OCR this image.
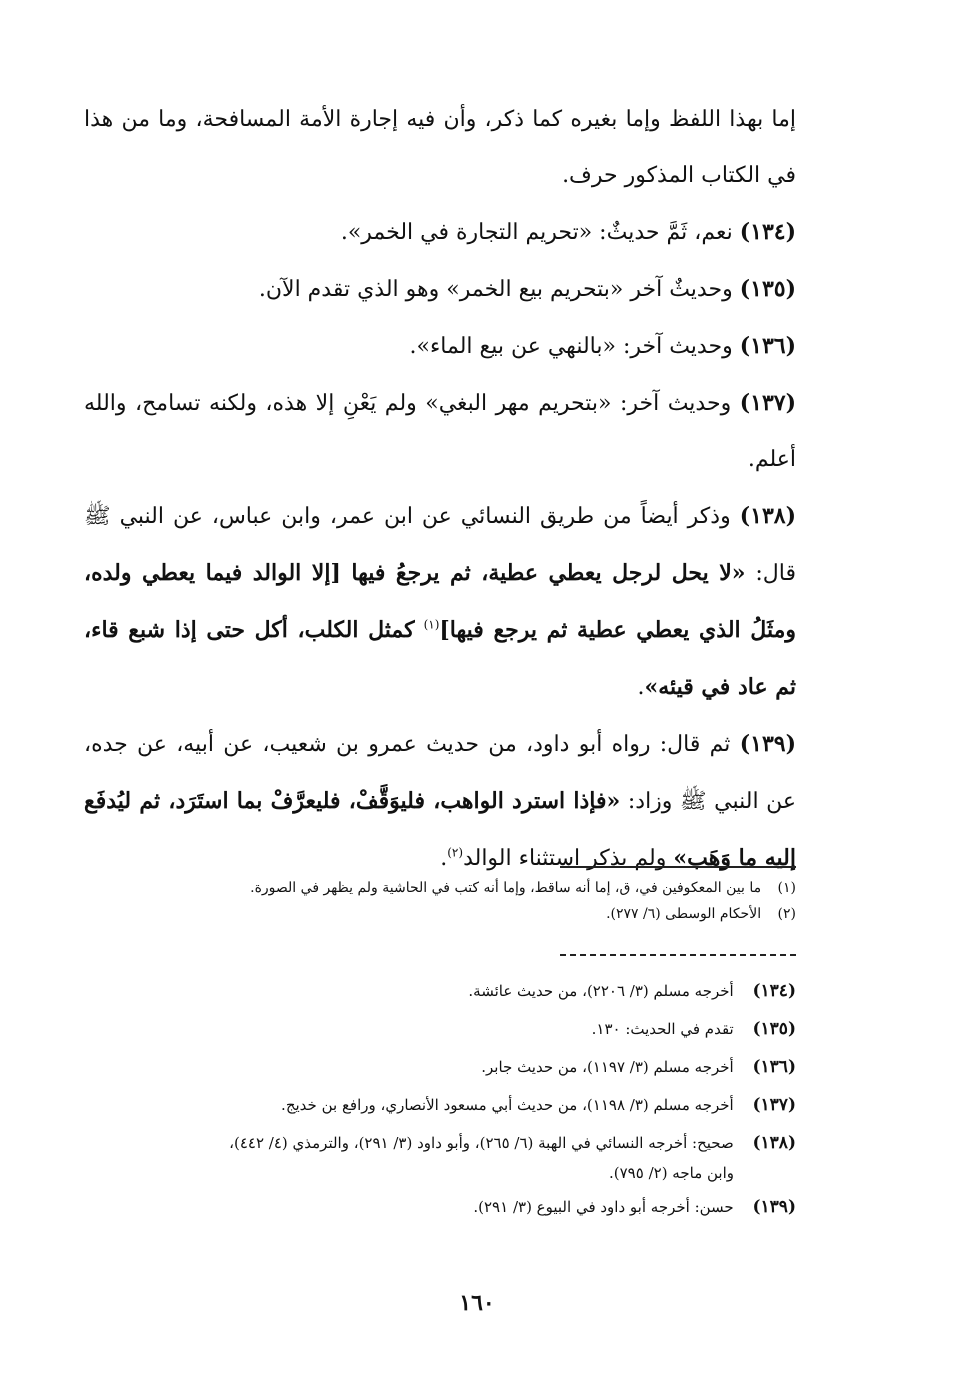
إما بهذا اللفظ وإما بغيره كما ذكر، وأن فيه إجارة الأمة المسافحة، وما من هذا في الكتاب المذكور حرف.

(١٣٤) نعم، ثَمَّ حديثٌ: «تحريم التجارة في الخمر».

(١٣٥) وحديثٌ آخر «بتحريم بيع الخمر» وهو الذي تقدم الآن.

(١٣٦) وحديث آخر: «بالنهي عن بيع الماء».

(١٣٧) وحديث آخر: «بتحريم مهر البغي» ولم يَعْنِ إلا هذه، ولكنه تسامح، والله أعلم.

(١٣٨) وذكر أيضاً من طريق النسائي عن ابن عمر، وابن عباس، عن النبي ﷺ قال: «لا يحل لرجل يعطي عطية، ثم يرجعُ فيها [إلا الوالد فيما يعطي ولده، ومثَلُ الذي يعطي عطية ثم يرجع فيها]$^{(١)}$ كمثل الكلب، أكل حتى إذا شبع قاء، ثم عاد في قيئه».

(١٣٩) ثم قال: رواه أبو داود، من حديث عمرو بن شعيب، عن أبيه، عن جده، عن النبي ﷺ وزاد: «فإذا استرد الواهب، فليوَقَّفْ، فليعرَّفْ بما استَرَد، ثم ليُدفَع إليه ما وَهَب» ولم يذكر استثناء الوالد$^{(٢)}$.

(١) ما بين المعكوفين في، ق، إما أنه ساقط، وإما أنه كتب في الحاشية ولم يظهر في الصورة.
(٢) الأحكام الوسطى (٦/ ٢٧٧).
(١٣٤) أخرجه مسلم (٣/ ٢٢٠٦)، من حديث عائشة.
(١٣٥) تقدم في الحديث: ١٣٠.
(١٣٦) أخرجه مسلم (٣/ ١١٩٧)، من حديث جابر.
(١٣٧) أخرجه مسلم (٣/ ١١٩٨)، من حديث أبي مسعود الأنصاري، ورافع بن خديج.
(١٣٨) صحيح: أخرجه النسائي في الهبة (٦/ ٢٦٥)، وأبو داود (٣/ ٢٩١)، والترمذي (٤/ ٤٤٢)،
وابن ماجه (٢/ ٧٩٥).
(١٣٩) حسن: أخرجه أبو داود في البيوع (٣/ ٢٩١).
١٦٠
